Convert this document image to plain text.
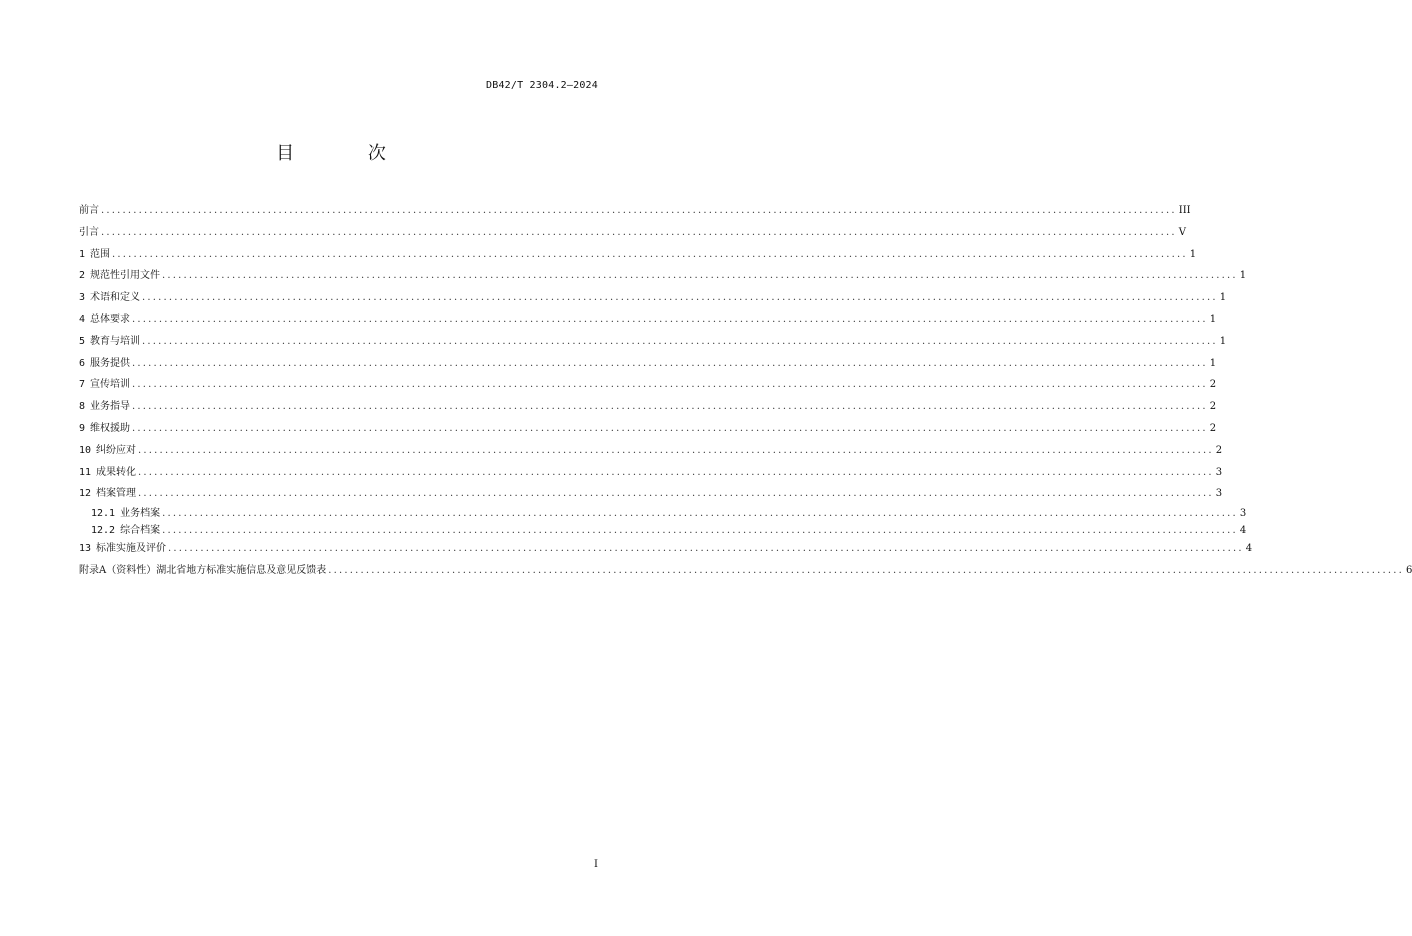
DB42/T 2304.2—2024
目 次
前言 ........................................................................................................................................................................................................ III
引言 ........................................................................................................................................................................................................ V
1 范围 ........................................................................................................................................................................................................ 1
2 规范性引用文件 ........................................................................................................................................................................................................ 1
3 术语和定义 ........................................................................................................................................................................................................ 1
4 总体要求 ........................................................................................................................................................................................................ 1
5 教育与培训 ........................................................................................................................................................................................................ 1
6 服务提供 ........................................................................................................................................................................................................ 1
7 宣传培训 ........................................................................................................................................................................................................ 2
8 业务指导 ........................................................................................................................................................................................................ 2
9 维权援助 ........................................................................................................................................................................................................ 2
10 纠纷应对 ........................................................................................................................................................................................................ 2
11 成果转化 ........................................................................................................................................................................................................ 3
12 档案管理 ........................................................................................................................................................................................................ 3
12.1 业务档案 ........................................................................................................................................................................................................ 3
12.2 综合档案 ........................................................................................................................................................................................................ 4
13 标准实施及评价 ........................................................................................................................................................................................................ 4
附录A（资料性）湖北省地方标准实施信息及意见反馈表 ........................................................................................................................................................................................................ 6
I
